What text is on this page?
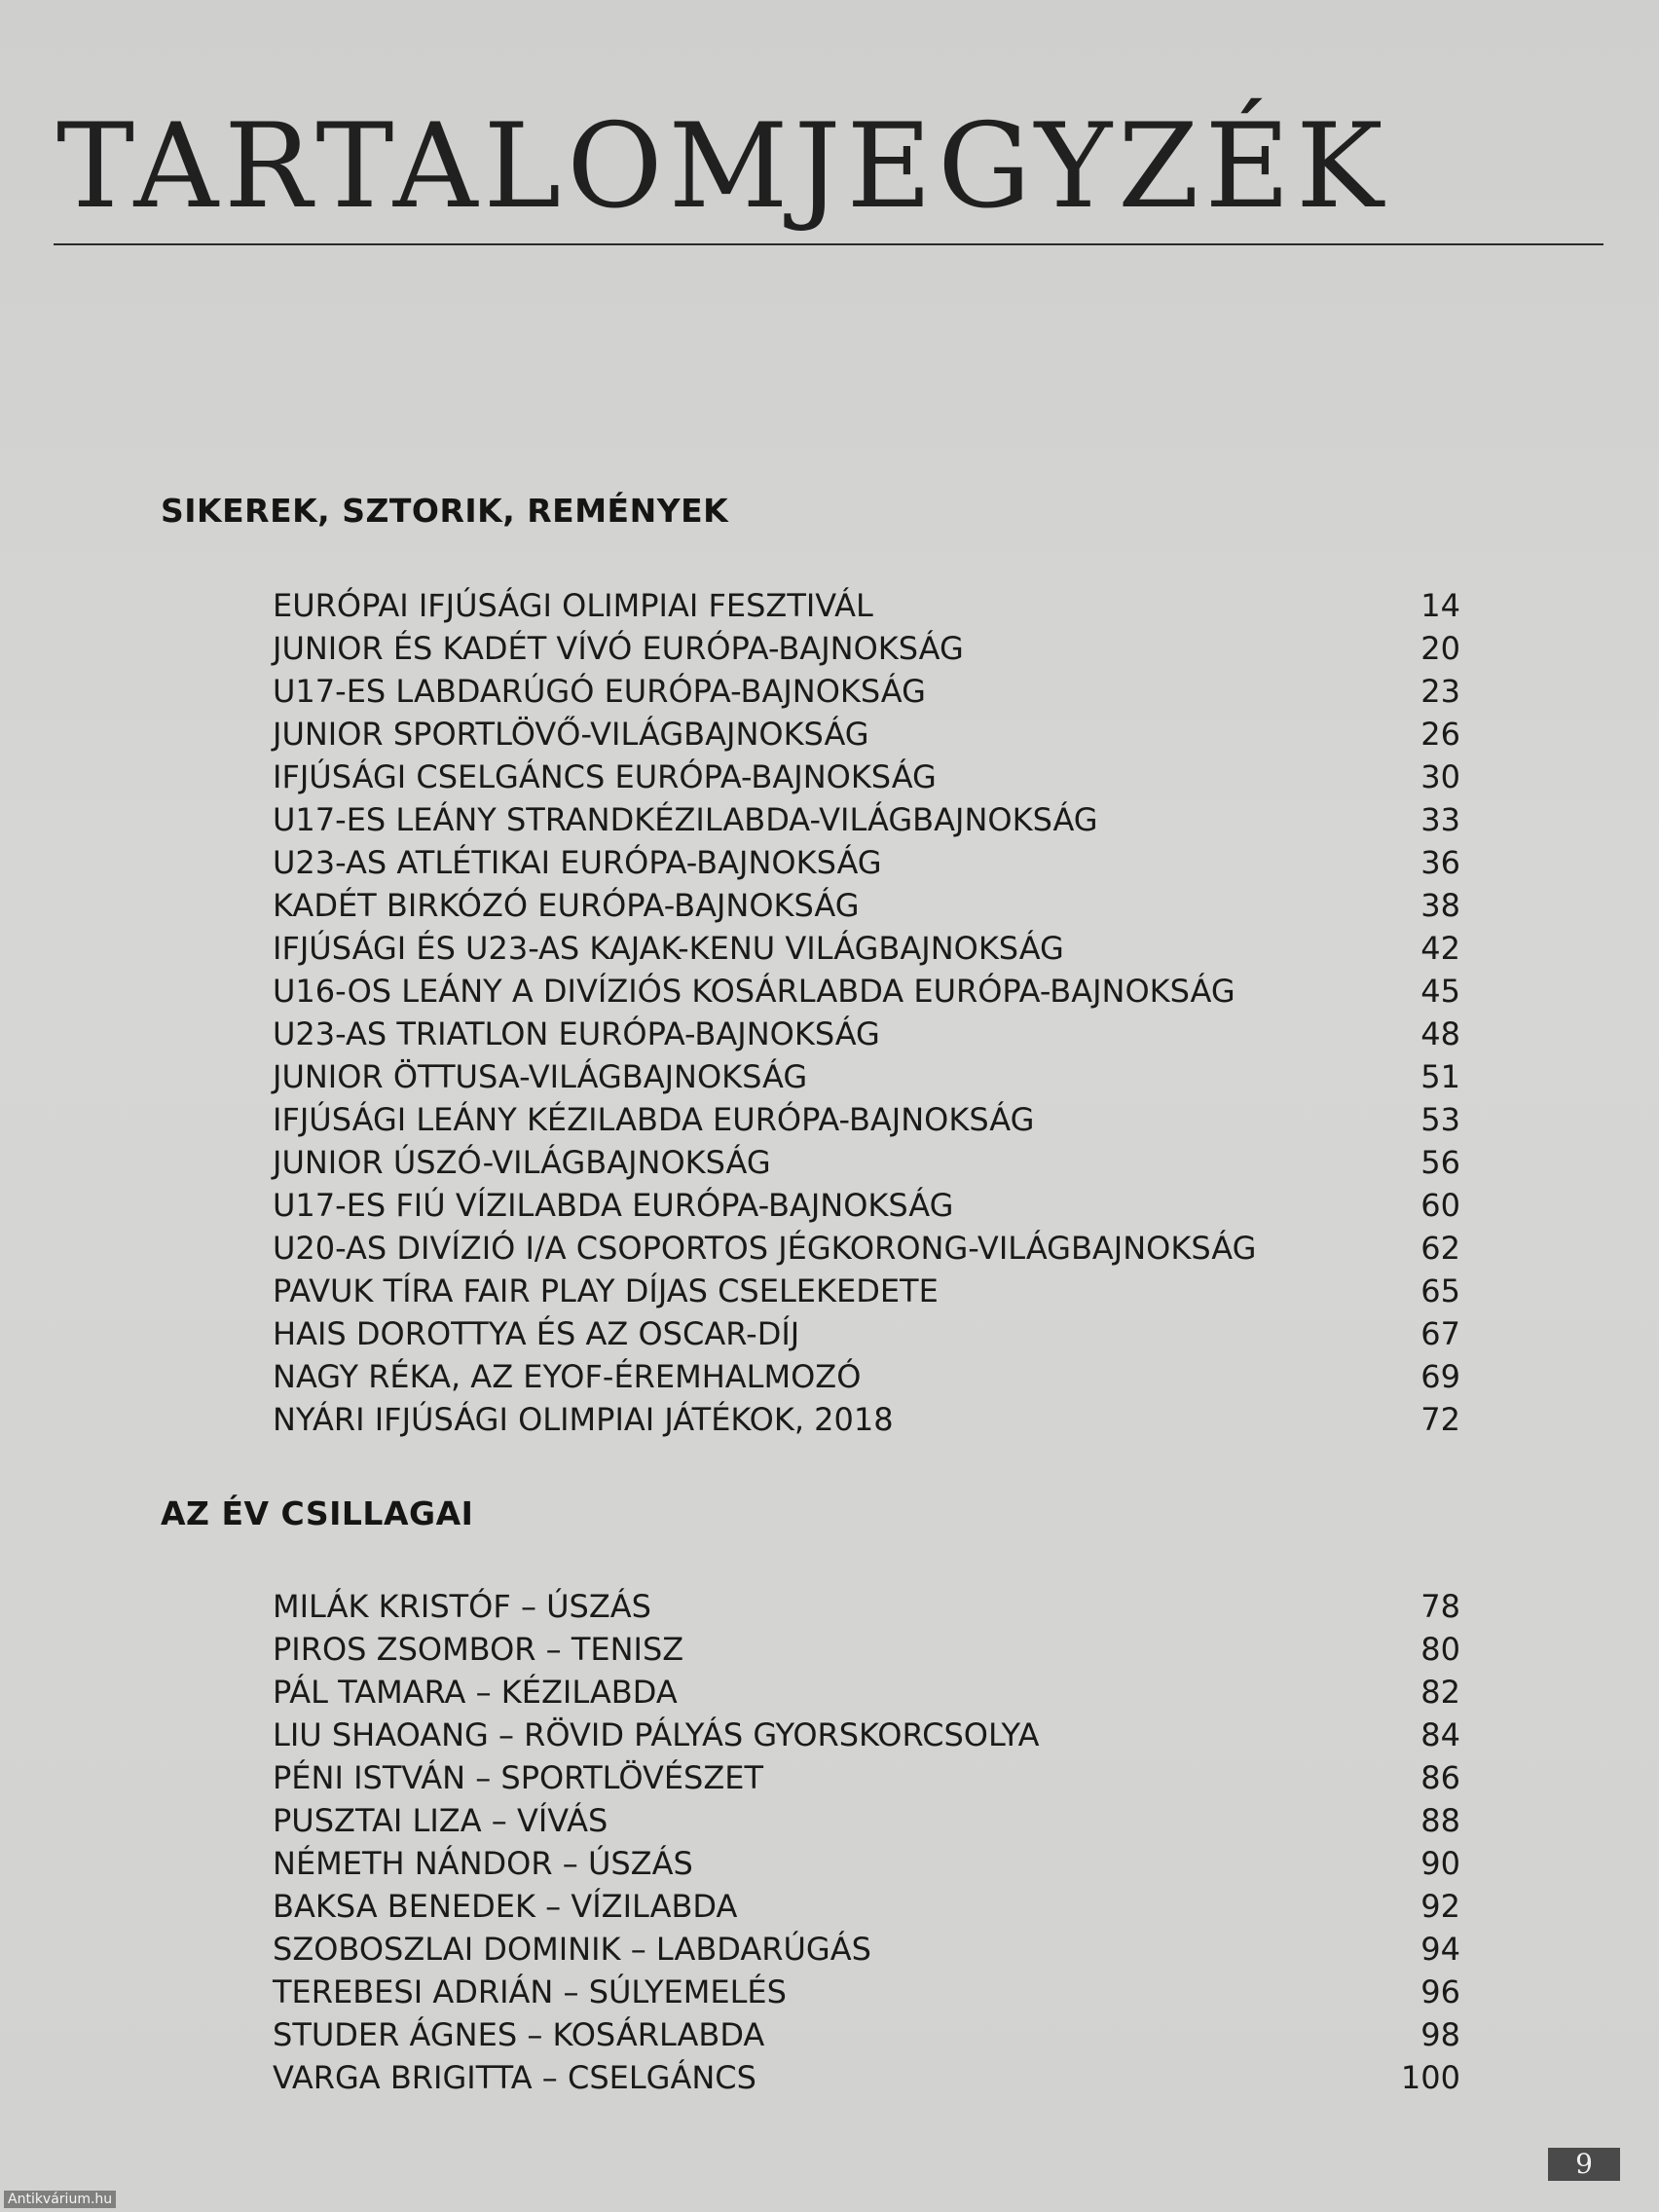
TARTALOMJEGYZÉK
SIKEREK, SZTORIK, REMÉNYEK
EURÓPAI IFJÚSÁGI OLIMPIAI FESZTIVÁL	14
JUNIOR ÉS KADÉT VÍVÓ EURÓPA-BAJNOKSÁG	20
U17-ES LABDARÚGÓ EURÓPA-BAJNOKSÁG	23
JUNIOR SPORTLÖVŐ-VILÁGBAJNOKSÁG	26
IFJÚSÁGI CSELGÁNCS EURÓPA-BAJNOKSÁG	30
U17-ES LEÁNY STRANDKÉZILABDA-VILÁGBAJNOKSÁG	33
U23-AS ATLÉTIKAI EURÓPA-BAJNOKSÁG	36
KADÉT BIRKÓZÓ EURÓPA-BAJNOKSÁG	38
IFJÚSÁGI ÉS U23-AS KAJAK-KENU VILÁGBAJNOKSÁG	42
U16-OS LEÁNY A DIVÍZIÓS KOSÁRLABDA EURÓPA-BAJNOKSÁG	45
U23-AS TRIATLON EURÓPA-BAJNOKSÁG	48
JUNIOR ÖTTUSA-VILÁGBAJNOKSÁG	51
IFJÚSÁGI LEÁNY KÉZILABDA EURÓPA-BAJNOKSÁG	53
JUNIOR ÚSZÓ-VILÁGBAJNOKSÁG	56
U17-ES FIÚ VÍZILABDA EURÓPA-BAJNOKSÁG	60
U20-AS DIVÍZIÓ I/A CSOPORTOS JÉGKORONG-VILÁGBAJNOKSÁG	62
PAVUK TÍRA FAIR PLAY DÍJAS CSELEKEDETE	65
HAIS DOROTTYA ÉS AZ OSCAR-DÍJ	67
NAGY RÉKA, AZ EYOF-ÉREMHALMOZÓ	69
NYÁRI IFJÚSÁGI OLIMPIAI JÁTÉKOK, 2018	72
AZ ÉV CSILLAGAI
MILÁK KRISTÓF – ÚSZÁS	78
PIROS ZSOMBOR – TENISZ	80
PÁL TAMARA – KÉZILABDA	82
LIU SHAOANG – RÖVID PÁLYÁS GYORSKORCSOLYA	84
PÉNI ISTVÁN – SPORTLÖVÉSZET	86
PUSZTAI LIZA – VÍVÁS	88
NÉMETH NÁNDOR – ÚSZÁS	90
BAKSA BENEDEK – VÍZILABDA	92
SZOBOSZLAI DOMINIK – LABDARÚGÁS	94
TEREBESI ADRIÁN – SÚLYEMELÉS	96
STUDER ÁGNES – KOSÁRLABDA	98
VARGA BRIGITTA – CSELGÁNCS	100
9
Antikvárium.hu
